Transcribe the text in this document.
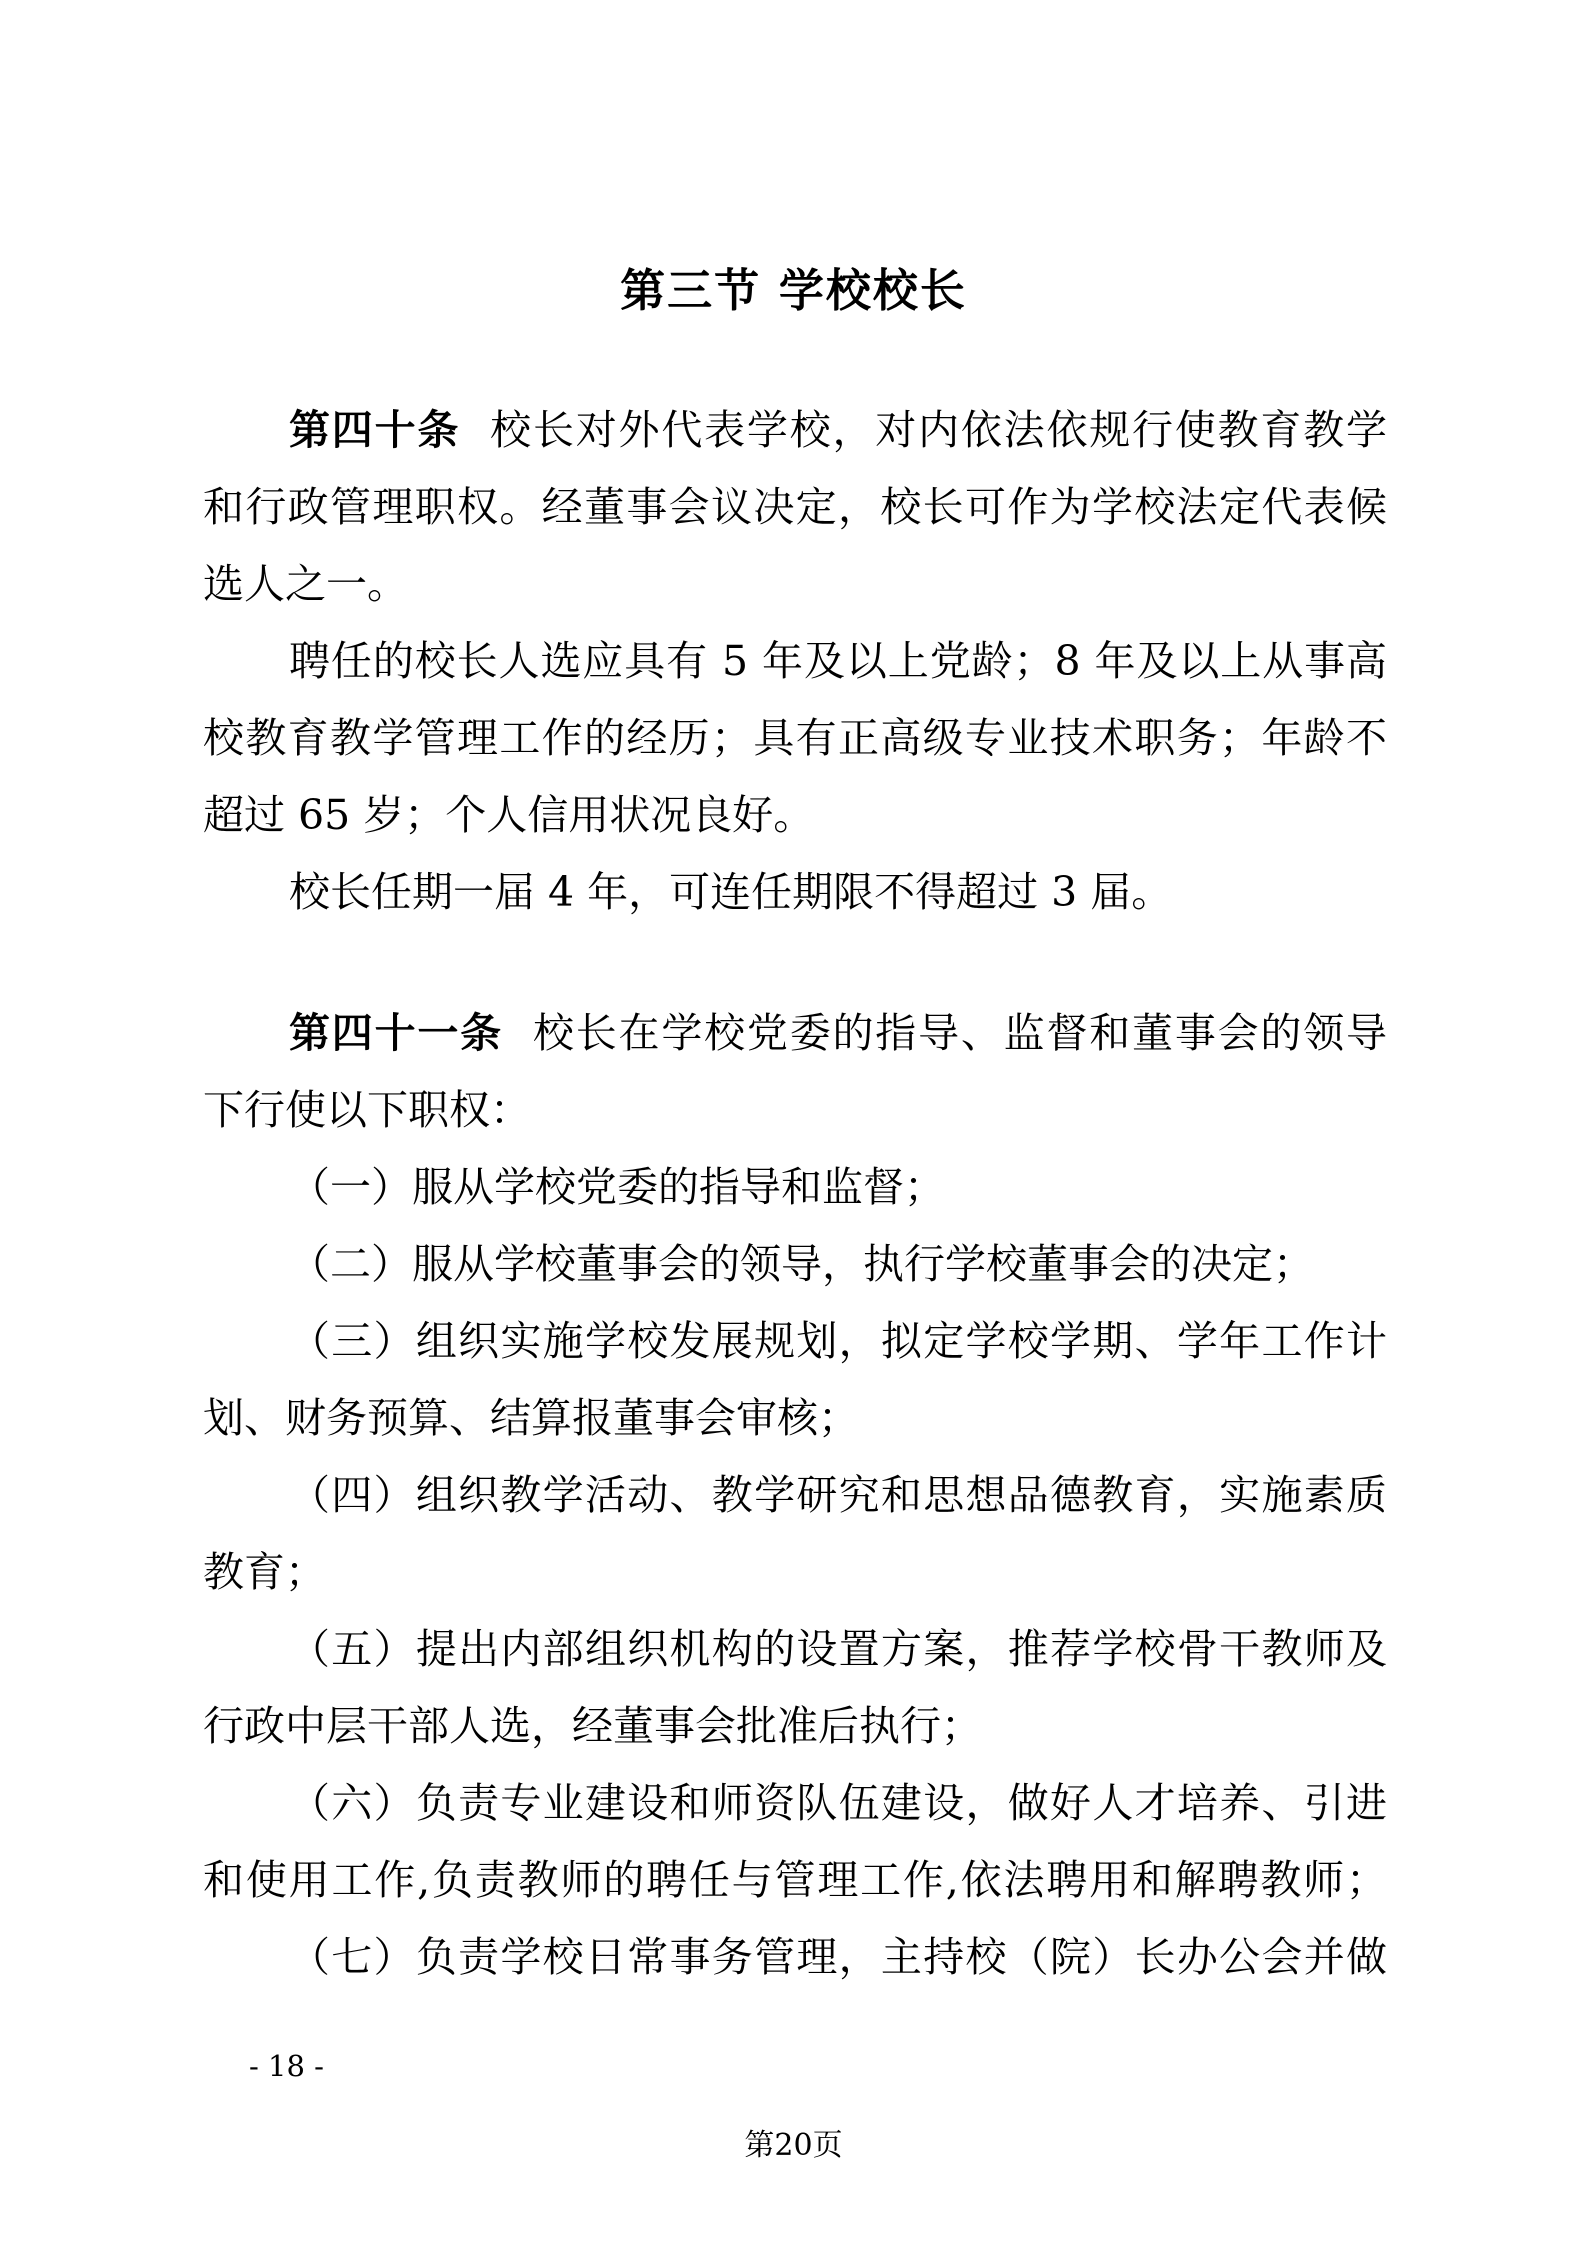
第三节 学校校长
第四十条 校长对外代表学校，对内依法依规行使教育教学
和行政管理职权。经董事会议决定，校长可作为学校法定代表候
选人之一。
聘任的校长人选应具有 5 年及以上党龄；8 年及以上从事高
校教育教学管理工作的经历；具有正高级专业技术职务；年龄不
超过 65 岁；个人信用状况良好。
校长任期一届 4 年，可连任期限不得超过 3 届。
第四十一条 校长在学校党委的指导、监督和董事会的领导
下行使以下职权：
（一）服从学校党委的指导和监督；
（二）服从学校董事会的领导，执行学校董事会的决定；
（三）组织实施学校发展规划，拟定学校学期、学年工作计
划、财务预算、结算报董事会审核；
（四）组织教学活动、教学研究和思想品德教育，实施素质
教育；
（五）提出内部组织机构的设置方案，推荐学校骨干教师及
行政中层干部人选，经董事会批准后执行；
（六）负责专业建设和师资队伍建设，做好人才培养、引进
和使用工作,负责教师的聘任与管理工作,依法聘用和解聘教师；
（七）负责学校日常事务管理，主持校（院）长办公会并做
- 18 -
第20页
